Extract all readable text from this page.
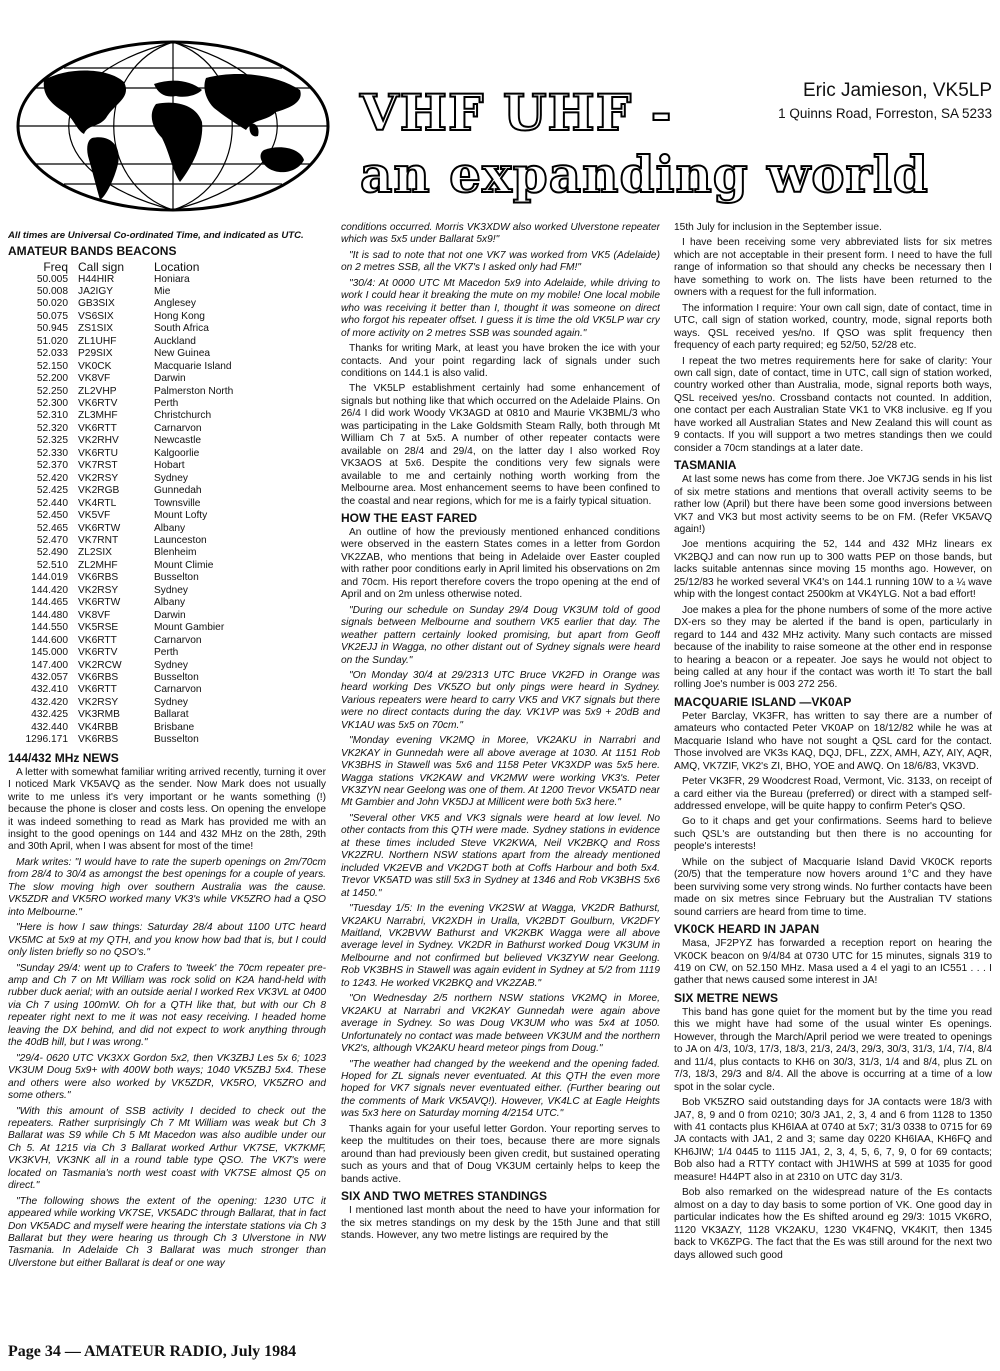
VHF UHF -
an expanding world
Eric Jamieson, VK5LP
1 Quinns Road, Forreston, SA 5233
All times are Universal Co-ordinated Time, and indicated as UTC.
AMATEUR BANDS BEACONS
Freq	Call sign	Location
50.005	H44HIR	Honiara
50.008	JA2IGY	Mie
50.020	GB3SIX	Anglesey
50.075	VS6SIX	Hong Kong
50.945	ZS1SIX	South Africa
51.020	ZL1UHF	Auckland
52.033	P29SIX	New Guinea
52.150	VK0CK	Macquarie Island
52.200	VK8VF	Darwin
52.250	ZL2VHP	Palmerston North
52.300	VK6RTV	Perth
52.310	ZL3MHF	Christchurch
52.320	VK6RTT	Carnarvon
52.325	VK2RHV	Newcastle
52.330	VK6RTU	Kalgoorlie
52.370	VK7RST	Hobart
52.420	VK2RSY	Sydney
52.425	VK2RGB	Gunnedah
52.440	VK4RTL	Townsville
52.450	VK5VF	Mount Lofty
52.465	VK6RTW	Albany
52.470	VK7RNT	Launceston
52.490	ZL2SIX	Blenheim
52.510	ZL2MHF	Mount Climie
144.019	VK6RBS	Busselton
144.420	VK2RSY	Sydney
144.465	VK6RTW	Albany
144.480	VK8VF	Darwin
144.550	VK5RSE	Mount Gambier
144.600	VK6RTT	Carnarvon
145.000	VK6RTV	Perth
147.400	VK2RCW	Sydney
432.057	VK6RBS	Busselton
432.410	VK6RTT	Carnarvon
432.420	VK2RSY	Sydney
432.425	VK3RMB	Ballarat
432.440	VK4RBB	Brisbane
1296.171	VK6RBS	Busselton
144/432 MHz NEWS

A letter with somewhat familiar writing arrived recently, turning it over I noticed Mark VK5AVQ as the sender. Now Mark does not usually write to me unless it's very important or he wants something (!) because the phone is closer and costs less. On opening the envelope it was indeed something to read as Mark has provided me with an insight to the good openings on 144 and 432 MHz on the 28th, 29th and 30th April, when I was absent for most of the time!

Mark writes: "I would have to rate the superb openings on 2m/70cm from 28/4 to 30/4 as amongst the best openings for a couple of years. The slow moving high over southern Australia was the cause. VK5ZDR and VK5RO worked many VK3's while VK5ZRO had a QSO into Melbourne."

"Here is how I saw things: Saturday 28/4 about 1100 UTC heard VK5MC at 5x9 at my QTH, and you know how bad that is, but I could only listen briefly so no QSO's."

"Sunday 29/4: went up to Crafers to 'tweek' the 70cm repeater pre-amp and Ch 7 on Mt William was rock solid on K2A hand-held with rubber duck aerial; with an outside aerial I worked Rex VK3VL at 0400 via Ch 7 using 100mW. Oh for a QTH like that, but with our Ch 8 repeater right next to me it was not easy receiving. I headed home leaving the DX behind, and did not expect to work anything through the 40dB hill, but I was wrong."

"29/4- 0620 UTC VK3XX Gordon 5x2, then VK3ZBJ Les 5x 6; 1023 VK3UM Doug 5x9+ with 400W both ways; 1040 VK5ZBJ 5x4. These and others were also worked by VK5ZDR, VK5RO, VK5ZRO and some others."

"With this amount of SSB activity I decided to check out the repeaters. Rather surprisingly Ch 7 Mt William was weak but Ch 3 Ballarat was S9 while Ch 5 Mt Macedon was also audible under our Ch 5. At 1215 via Ch 3 Ballarat worked Arthur VK7SE, VK7KMF, VK3KVH, VK3NK all in a round table type QSO. The VK7's were located on Tasmania's north west coast with VK7SE almost Q5 on direct."

"The following shows the extent of the opening: 1230 UTC it appeared while working VK7SE, VK5ADC through Ballarat, that in fact Don VK5ADC and myself were hearing the interstate stations via Ch 3 Ballarat but they were hearing us through Ch 3 Ulverstone in NW Tasmania. In Adelaide Ch 3 Ballarat was much stronger than Ulverstone but either Ballarat is deaf or one way

conditions occurred. Morris VK3XDW also worked Ulverstone repeater which was 5x5 under Ballarat 5x9!"

"It is sad to note that not one VK7 was worked from VK5 (Adelaide) on 2 metres SSB, all the VK7's I asked only had FM!"

"30/4: At 0000 UTC Mt Macedon 5x9 into Adelaide, while driving to work I could hear it breaking the mute on my mobile! One local mobile who was receiving it better than I, thought it was someone on direct who forgot his repeater offset. I guess it is time the old VK5LP war cry of more activity on 2 metres SSB was sounded again."

Thanks for writing Mark, at least you have broken the ice with your contacts. And your point regarding lack of signals under such conditions on 144.1 is also valid.

The VK5LP establishment certainly had some enhancement of signals but nothing like that which occurred on the Adelaide Plains. On 26/4 I did work Woody VK3AGD at 0810 and Maurie VK3BML/3 who was participating in the Lake Goldsmith Steam Rally, both through Mt William Ch 7 at 5x5. A number of other repeater contacts were available on 28/4 and 29/4, on the latter day I also worked Roy VK3AOS at 5x6. Despite the conditions very few signals were available to me and certainly nothing worth working from the Melbourne area. Most enhancement seems to have been confined to the coastal and near regions, which for me is a fairly typical situation.

HOW THE EAST FARED

An outline of how the previously mentioned enhanced conditions were observed in the eastern States comes in a letter from Gordon VK2ZAB, who mentions that being in Adelaide over Easter coupled with rather poor conditions early in April limited his observations on 2m and 70cm. His report therefore covers the tropo opening at the end of April and on 2m unless otherwise noted.

"During our schedule on Sunday 29/4 Doug VK3UM told of good signals between Melbourne and southern VK5 earlier that day. The weather pattern certainly looked promising, but apart from Geoff VK2EJJ in Wagga, no other distant out of Sydney signals were heard on the Sunday."

"On Monday 30/4 at 29/2313 UTC Bruce VK2FD in Orange was heard working Des VK5ZO but only pings were heard in Sydney. Various repeaters were heard to carry VK5 and VK7 signals but there were no direct contacts during the day. VK1VP was 5x9 + 20dB and VK1AU was 5x5 on 70cm."

"Monday evening VK2MQ in Moree, VK2AKU in Narrabri and VK2KAY in Gunnedah were all above average at 1030. At 1151 Rob VK3BHS in Stawell was 5x6 and 1158 Peter VK3XDP was 5x5 here. Wagga stations VK2KAW and VK2MW were working VK3's. Peter VK3ZYN near Geelong was one of them. At 1200 Trevor VK5ATD near Mt Gambier and John VK5DJ at Millicent were both 5x3 here."

"Several other VK5 and VK3 signals were heard at low level. No other contacts from this QTH were made. Sydney stations in evidence at these times included Steve VK2KWA, Neil VK2BKQ and Ross VK2ZRU. Northern NSW stations apart from the already mentioned included VK2EVB and VK2DGT both at Coffs Harbour and both 5x4. Trevor VK5ATD was still 5x3 in Sydney at 1346 and Rob VK3BHS 5x6 at 1450."

"Tuesday 1/5: In the evening VK2SW at Wagga, VK2DR Bathurst, VK2AKU Narrabri, VK2XDH in Uralla, VK2BDT Goulburn, VK2DFY Maitland, VK2BVW Bathurst and VK2KBK Wagga were all above average level in Sydney. VK2DR in Bathurst worked Doug VK3UM in Melbourne and not confirmed but believed VK3ZYW near Geelong. Rob VK3BHS in Stawell was again evident in Sydney at 5/2 from 1119 to 1243. He worked VK2BKQ and VK2ZAB."

"On Wednesday 2/5 northern NSW stations VK2MQ in Moree, VK2AKU at Narrabri and VK2KAY Gunnedah were again above average in Sydney. So was Doug VK3UM who was 5x4 at 1050. Unfortunately no contact was made between VK3UM and the northern VK2's, although VK2AKU heard meteor pings from Doug."

"The weather had changed by the weekend and the opening faded. Hoped for ZL signals never eventuated. At this QTH the even more hoped for VK7 signals never eventuated either. (Further bearing out the comments of Mark VK5AVQ!). However, VK4LC at Eagle Heights was 5x3 here on Saturday morning 4/2154 UTC."

Thanks again for your useful letter Gordon. Your reporting serves to keep the multitudes on their toes, because there are more signals around than had previously been given credit, but sustained operating such as yours and that of Doug VK3UM certainly helps to keep the bands active.

SIX AND TWO METRES STANDINGS

I mentioned last month about the need to have your information for the six metres standings on my desk by the 15th June and that still stands. However, any two metre listings are required by the

15th July for inclusion in the September issue.

I have been receiving some very abbreviated lists for six metres which are not acceptable in their present form. I need to have the full range of information so that should any checks be necessary then I have something to work on. The lists have been returned to the owners with a request for the full information.

The information I require: Your own call sign, date of contact, time in UTC, call sign of station worked, country, mode, signal reports both ways. QSL received yes/no. If QSO was split frequency then frequency of each party required; eg 52/50, 52/28 etc.

I repeat the two metres requirements here for sake of clarity: Your own call sign, date of contact, time in UTC, call sign of station worked, country worked other than Australia, mode, signal reports both ways, QSL received yes/no. Crossband contacts not counted. In addition, one contact per each Australian State VK1 to VK8 inclusive. eg If you have worked all Australian States and New Zealand this will count as 9 contacts. If you will support a two metres standings then we could consider a 70cm standings at a later date.

TASMANIA

At last some news has come from there. Joe VK7JG sends in his list of six metre stations and mentions that overall activity seems to be rather low (April) but there have been some good inversions between VK7 and VK3 but most activity seems to be on FM. (Refer VK5AVQ again!)

Joe mentions acquiring the 52, 144 and 432 MHz linears ex VK2BQJ and can now run up to 300 watts PEP on those bands, but lacks suitable antennas since moving 15 months ago. However, on 25/12/83 he worked several VK4's on 144.1 running 10W to a ¼ wave whip with the longest contact 2500km at VK4YLG. Not a bad effort!

Joe makes a plea for the phone numbers of some of the more active DX-ers so they may be alerted if the band is open, particularly in regard to 144 and 432 MHz activity. Many such contacts are missed because of the inability to raise someone at the other end in response to hearing a beacon or a repeater. Joe says he would not object to being called at any hour if the contact was worth it! To start the ball rolling Joe's number is 003 272 256.

MACQUARIE ISLAND —VK0AP

Peter Barclay, VK3FR, has written to say there are a number of amateurs who contacted Peter VK0AP on 18/12/82 while he was at Macquarie Island who have not sought a QSL card for the contact. Those involved are VK3s KAQ, DQJ, DFL, ZZX, AMH, AZY, AIY, AQR, AMQ, VK7ZIF, VK2's ZI, BHO, YOE and AWQ. On 18/6/83, VK3VD.

Peter VK3FR, 29 Woodcrest Road, Vermont, Vic. 3133, on receipt of a card either via the Bureau (preferred) or direct with a stamped self-addressed envelope, will be quite happy to confirm Peter's QSO.

Go to it chaps and get your confirmations. Seems hard to believe such QSL's are outstanding but then there is no accounting for people's interests!

While on the subject of Macquarie Island David VK0CK reports (20/5) that the temperature now hovers around 1°C and they have been surviving some very strong winds. No further contacts have been made on six metres since February but the Australian TV stations sound carriers are heard from time to time.

VK0CK HEARD IN JAPAN

Masa, JF2PYZ has forwarded a reception report on hearing the VK0CK beacon on 9/4/84 at 0730 UTC for 15 minutes, signals 319 to 419 on CW, on 52.150 MHz. Masa used a 4 el yagi to an IC551 . . . I gather that news caused some interest in JA!

SIX METRE NEWS

This band has gone quiet for the moment but by the time you read this we might have had some of the usual winter Es openings. However, through the March/April period we were treated to openings to JA on 4/3, 10/3, 17/3, 18/3, 21/3, 24/3, 29/3, 30/3, 31/3, 1/4, 7/4, 8/4 and 11/4, plus contacts to KH6 on 30/3, 31/3, 1/4 and 8/4, plus ZL on 7/3, 18/3, 29/3 and 8/4. All the above is occurring at a time of a low spot in the solar cycle.

Bob VK5ZRO said outstanding days for JA contacts were 18/3 with JA7, 8, 9 and 0 from 0210; 30/3 JA1, 2, 3, 4 and 6 from 1128 to 1350 with 41 contacts plus KH6IAA at 0740 at 5x7; 31/3 0338 to 0715 for 69 JA contacts with JA1, 2 and 3; same day 0220 KH6IAA, KH6FQ and KH6JIW; 1/4 0445 to 1115 JA1, 2, 3, 4, 5, 6, 7, 9, 0 for 69 contacts; Bob also had a RTTY contact with JH1WHS at 599 at 1035 for good measure! H44PT also in at 2310 on UTC day 31/3.

Bob also remarked on the widespread nature of the Es contacts almost on a day to day basis to some portion of VK. One good day in particular indicates how the Es shifted around eg 29/3: 1015 VK6RO, 1120 VK3AZY, 1128 VK2AKU, 1230 VK4FNQ, VK4KIT, then 1345 back to VK6ZPG. The fact that the Es was still around for the next two days allowed such good

Page 34 — AMATEUR RADIO, July 1984
